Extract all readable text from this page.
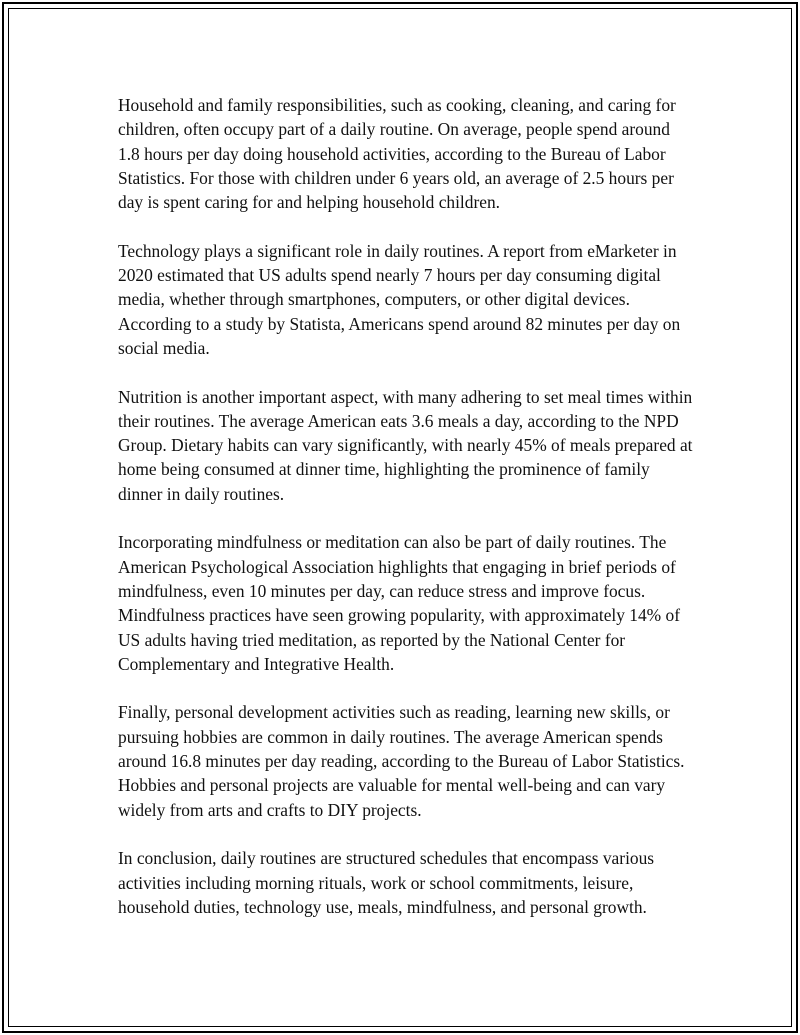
Household and family responsibilities, such as cooking, cleaning, and caring for children, often occupy part of a daily routine. On average, people spend around 1.8 hours per day doing household activities, according to the Bureau of Labor Statistics. For those with children under 6 years old, an average of 2.5 hours per day is spent caring for and helping household children.

Technology plays a significant role in daily routines. A report from eMarketer in 2020 estimated that US adults spend nearly 7 hours per day consuming digital media, whether through smartphones, computers, or other digital devices. According to a study by Statista, Americans spend around 82 minutes per day on social media.

Nutrition is another important aspect, with many adhering to set meal times within their routines. The average American eats 3.6 meals a day, according to the NPD Group. Dietary habits can vary significantly, with nearly 45% of meals prepared at home being consumed at dinner time, highlighting the prominence of family dinner in daily routines.

Incorporating mindfulness or meditation can also be part of daily routines. The American Psychological Association highlights that engaging in brief periods of mindfulness, even 10 minutes per day, can reduce stress and improve focus. Mindfulness practices have seen growing popularity, with approximately 14% of US adults having tried meditation, as reported by the National Center for Complementary and Integrative Health.

Finally, personal development activities such as reading, learning new skills, or pursuing hobbies are common in daily routines. The average American spends around 16.8 minutes per day reading, according to the Bureau of Labor Statistics. Hobbies and personal projects are valuable for mental well-being and can vary widely from arts and crafts to DIY projects.

In conclusion, daily routines are structured schedules that encompass various activities including morning rituals, work or school commitments, leisure, household duties, technology use, meals, mindfulness, and personal growth.
